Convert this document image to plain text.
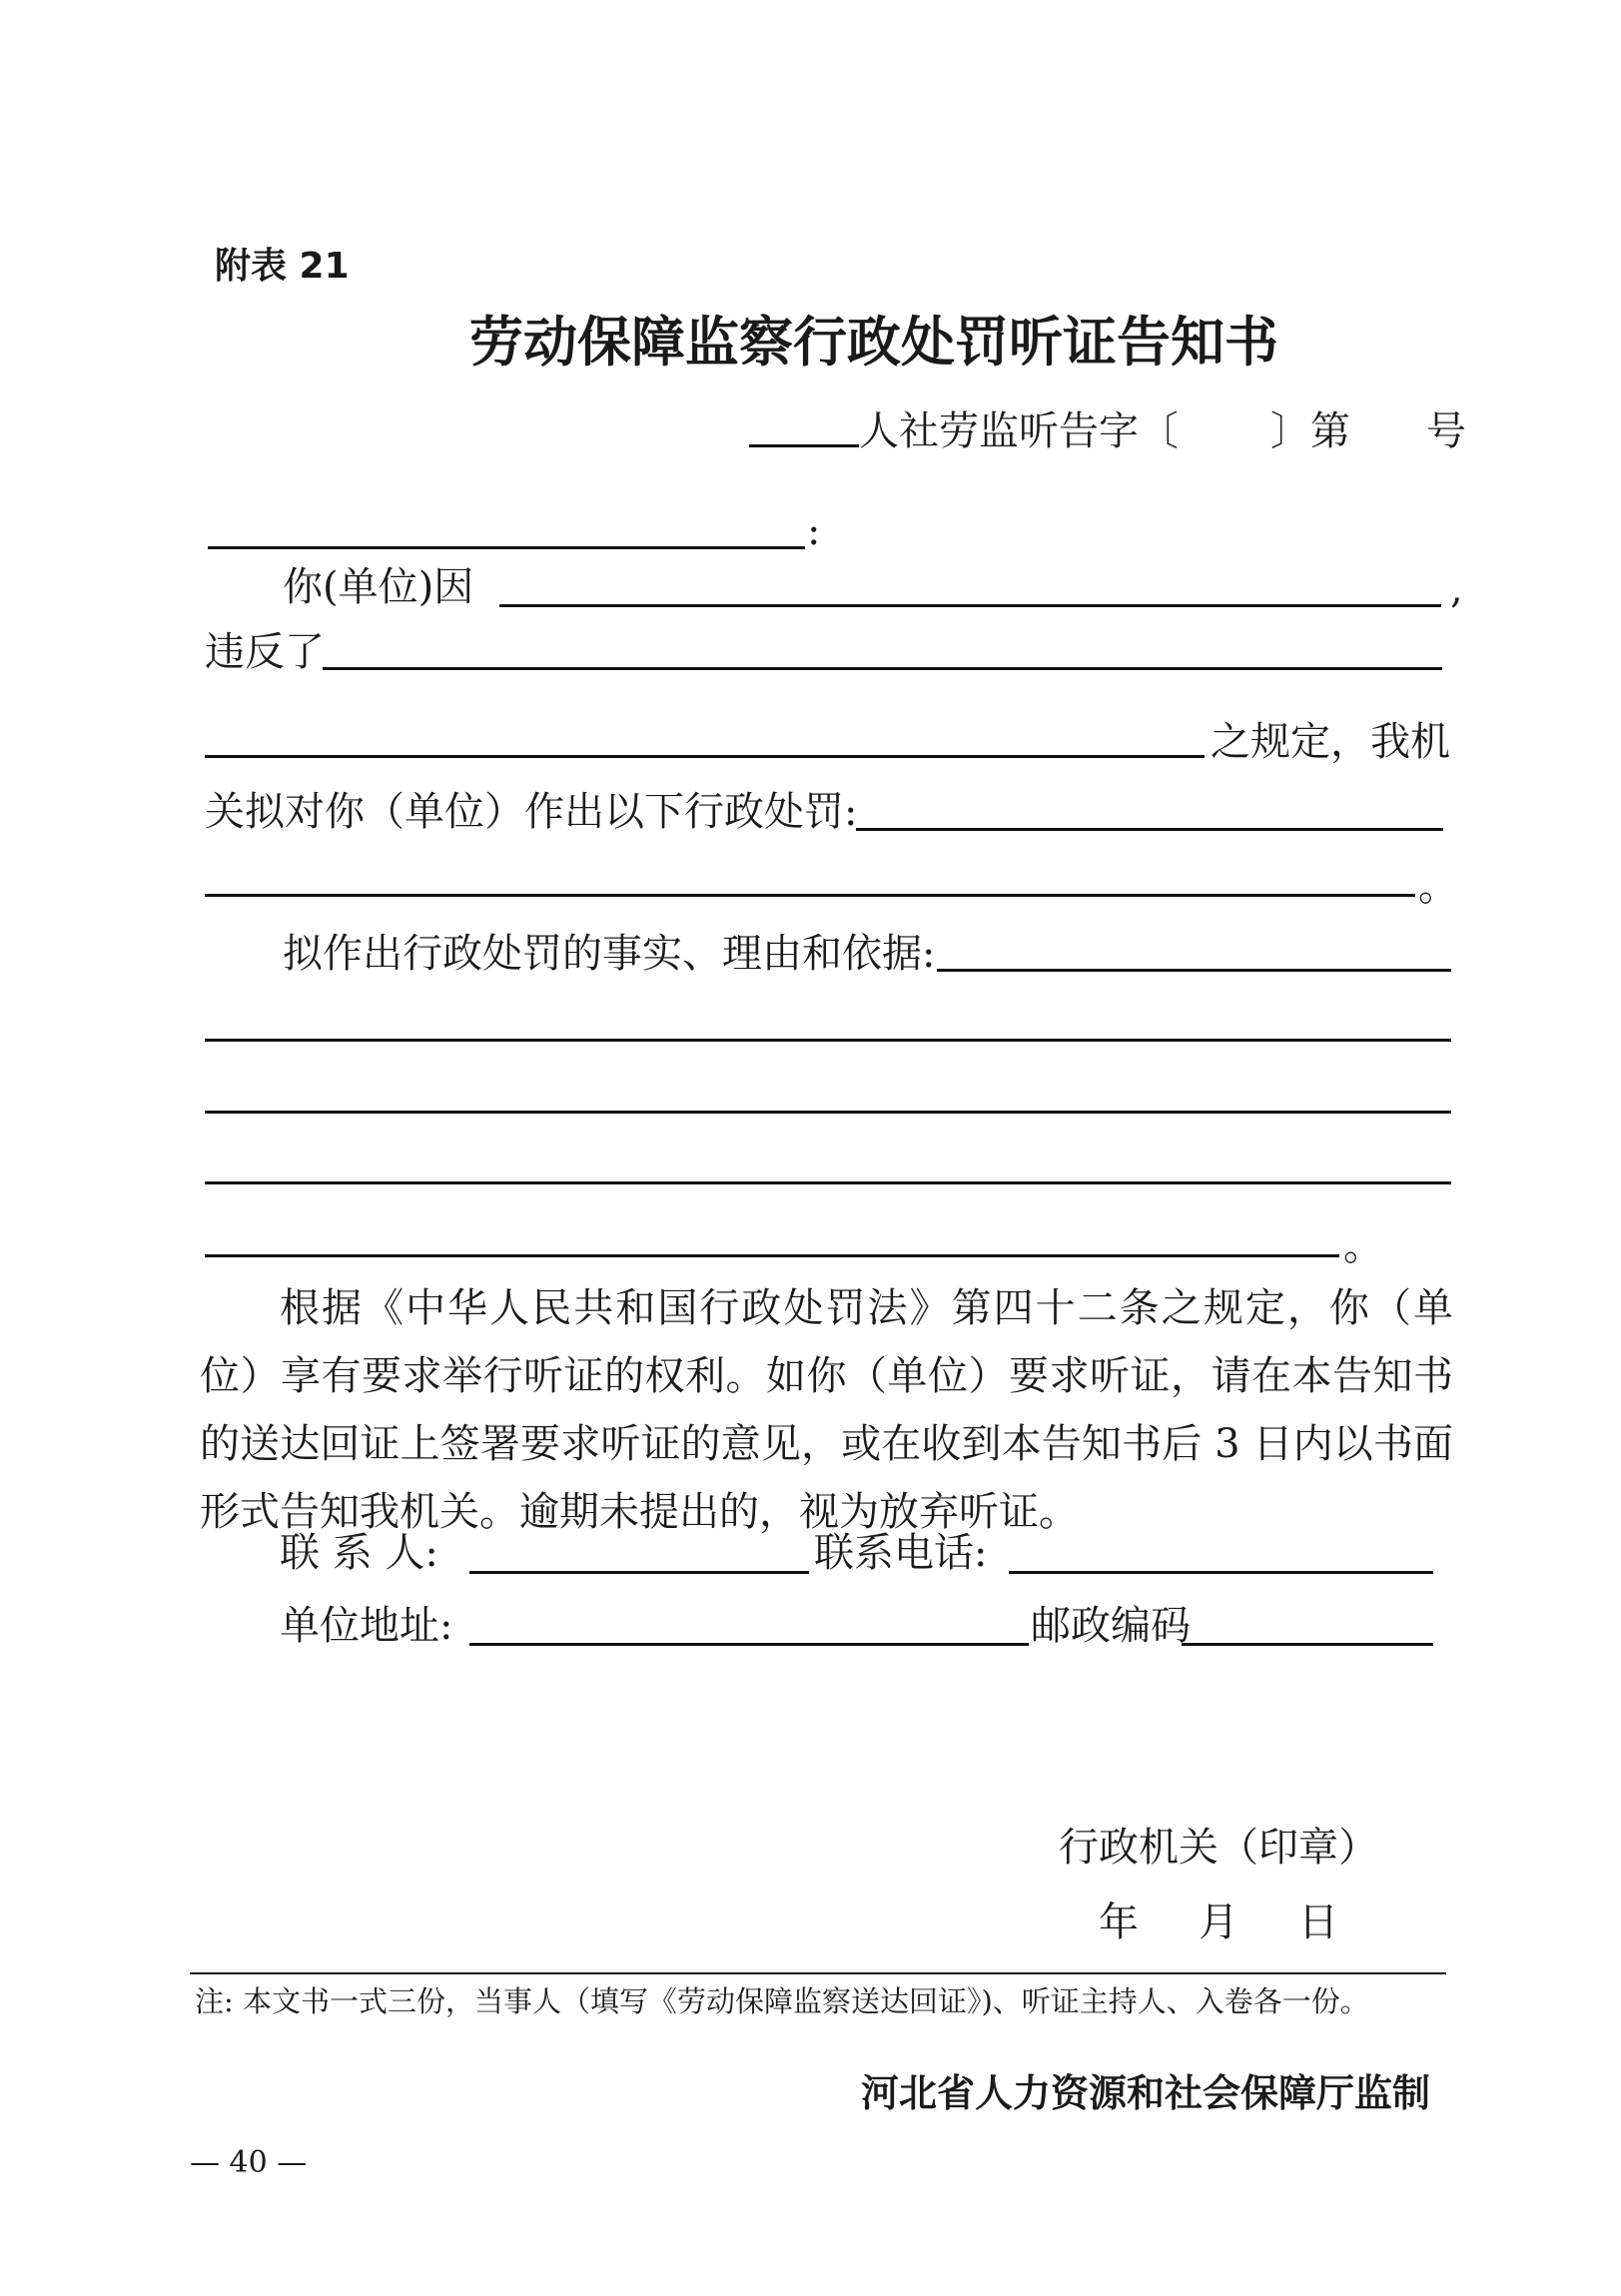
附表 21
劳动保障监察行政处罚听证告知书
人社劳监听告字〔 〕第 号
:
你(单位)因	,
违反了
之规定，我机
关拟对你（单位）作出以下行政处罚:
。
拟作出行政处罚的事实、理由和依据:
。
根据《中华人民共和国行政处罚法》第四十二条之规定，你（单位）享有要求举行听证的权利。如你（单位）要求听证，请在本告知书的送达回证上签署要求听证的意见，或在收到本告知书后 3 日内以书面形式告知我机关。逾期未提出的，视为放弃听证。
联 系 人:	联系电话:
单位地址:	邮政编码
行政机关（印章）
年 月 日
注: 本文书一式三份，当事人（填写《劳动保障监察送达回证》)、听证主持人、入卷各一份。
河北省人力资源和社会保障厅监制
— 40 —
